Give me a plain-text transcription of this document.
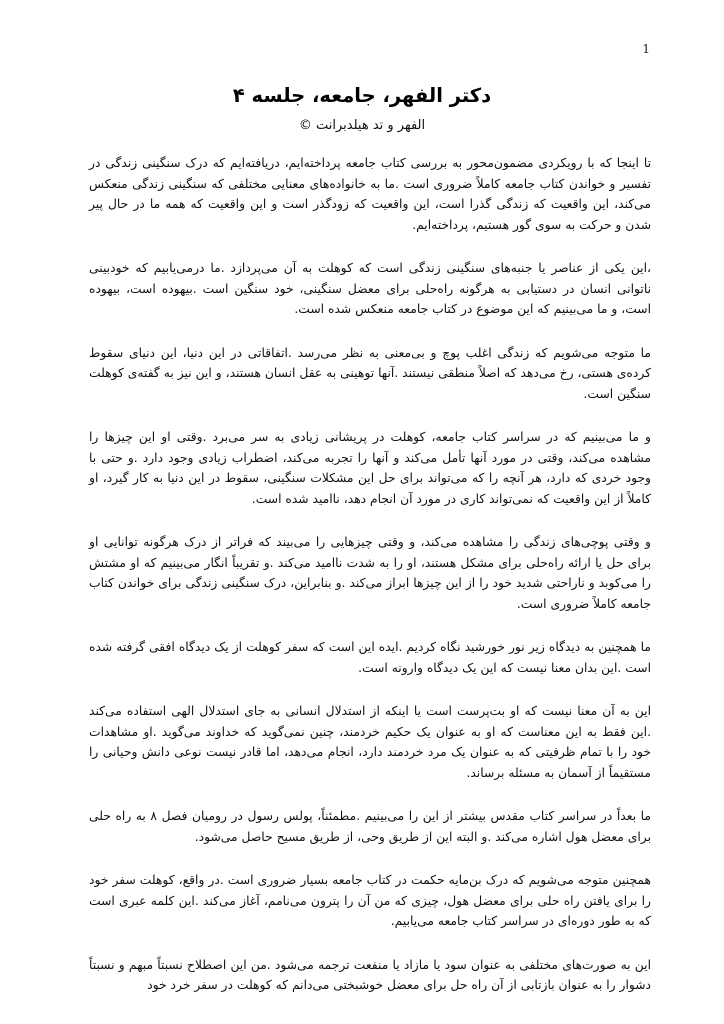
1
دکتر الفهر، جامعه، جلسه ۴

الفهر و تد هیلدبرانت ©

تا اینجا که با رویکردی مضمون‌محور به بررسی کتاب جامعه پرداخته‌ایم، دریافته‌ایم که درک سنگینی زندگی در تفسیر و خواندن کتاب جامعه کاملاً ضروری است .ما به خانواده‌های معنایی مختلفی که سنگینی زندگی منعکس می‌کند، این واقعیت که زندگی گذرا است، این واقعیت که زودگذر است و این واقعیت که همه ما در حال پیر شدن و حرکت به سوی گور هستیم، پرداخته‌ایم.

،این یکی از عناصر یا جنبه‌های سنگینی زندگی است که کوهلت به آن می‌پردازد .ما درمی‌یابیم که خودبینی ناتوانی انسان در دستیابی به هرگونه راه‌حلی برای معضل سنگینی، خود سنگین است .بیهوده است، بیهوده است، و ما می‌بینیم که این موضوع در کتاب جامعه منعکس شده است.

ما متوجه می‌شویم که زندگی اغلب پوچ و بی‌معنی به نظر می‌رسد .اتفاقاتی در این دنیا، این دنیای سقوط کرده‌ی هستی، رخ می‌دهد که اصلاً منطقی نیستند .آنها توهینی به عقل انسان هستند، و این نیز به گفته‌ی کوهلت سنگین است.

و ما می‌بینیم که در سراسر کتاب جامعه، کوهلت در پریشانی زیادی به سر می‌برد .وقتی او این چیزها را مشاهده می‌کند، وقتی در مورد آنها تأمل می‌کند و آنها را تجربه می‌کند، اضطراب زیادی وجود دارد .و حتی با وجود خردی که دارد، هر آنچه را که می‌تواند برای حل این مشکلات سنگینی، سقوط در این دنیا به کار گیرد، او کاملاً از این واقعیت که نمی‌تواند کاری در مورد آن انجام دهد، ناامید شده است.

و وقتی پوچی‌های زندگی را مشاهده می‌کند، و وقتی چیزهایی را می‌بیند که فراتر از درک هرگونه توانایی او برای حل یا ارائه راه‌حلی برای مشکل هستند، او را به شدت ناامید می‌کند .و تقریباً انگار می‌بینیم که او مشتش را می‌کوبد و ناراحتی شدید خود را از این چیزها ابراز می‌کند .و بنابراین، درک سنگینی زندگی برای خواندن کتاب جامعه کاملاً ضروری است.

ما همچنین به دیدگاه زیر نور خورشید نگاه کردیم .ایده این است که سفر کوهلت از یک دیدگاه افقی گرفته شده است .این بدان معنا نیست که این یک دیدگاه وارونه است.

این به آن معنا نیست که او بت‌پرست است یا اینکه از استدلال انسانی به جای استدلال الهی استفاده می‌کند .این فقط به این معناست که او به عنوان یک حکیم خردمند، چنین نمی‌گوید که خداوند می‌گوید .او مشاهدات خود را با تمام ظرفیتی که به عنوان یک مرد خردمند دارد، انجام می‌دهد، اما قادر نیست نوعی دانش وحیانی را مستقیماً از آسمان به مسئله برساند.

ما بعداً در سراسر کتاب مقدس بیشتر از این را می‌بینیم .مطمئناً، پولس رسول در رومیان فصل ۸ به راه حلی برای معضل هول اشاره می‌کند .و البته این از طریق وحی، از طریق مسیح حاصل می‌شود.

همچنین متوجه می‌شویم که درک بن‌مایه حکمت در کتاب جامعه بسیار ضروری است .در واقع، کوهلت سفر خود را برای یافتن راه حلی برای معضل هول، چیزی که من آن را پترون می‌نامم، آغاز می‌کند .این کلمه عبری است که به طور دوره‌ای در سراسر کتاب جامعه می‌یابیم.

این به صورت‌های مختلفی به عنوان سود یا مازاد یا منفعت ترجمه می‌شود .من این اصطلاح نسبتاً مبهم و نسبتاً دشوار را به عنوان بازتابی از آن راه حل برای معضل خوشبختی می‌دانم که کوهلت در سفر خرد خود
